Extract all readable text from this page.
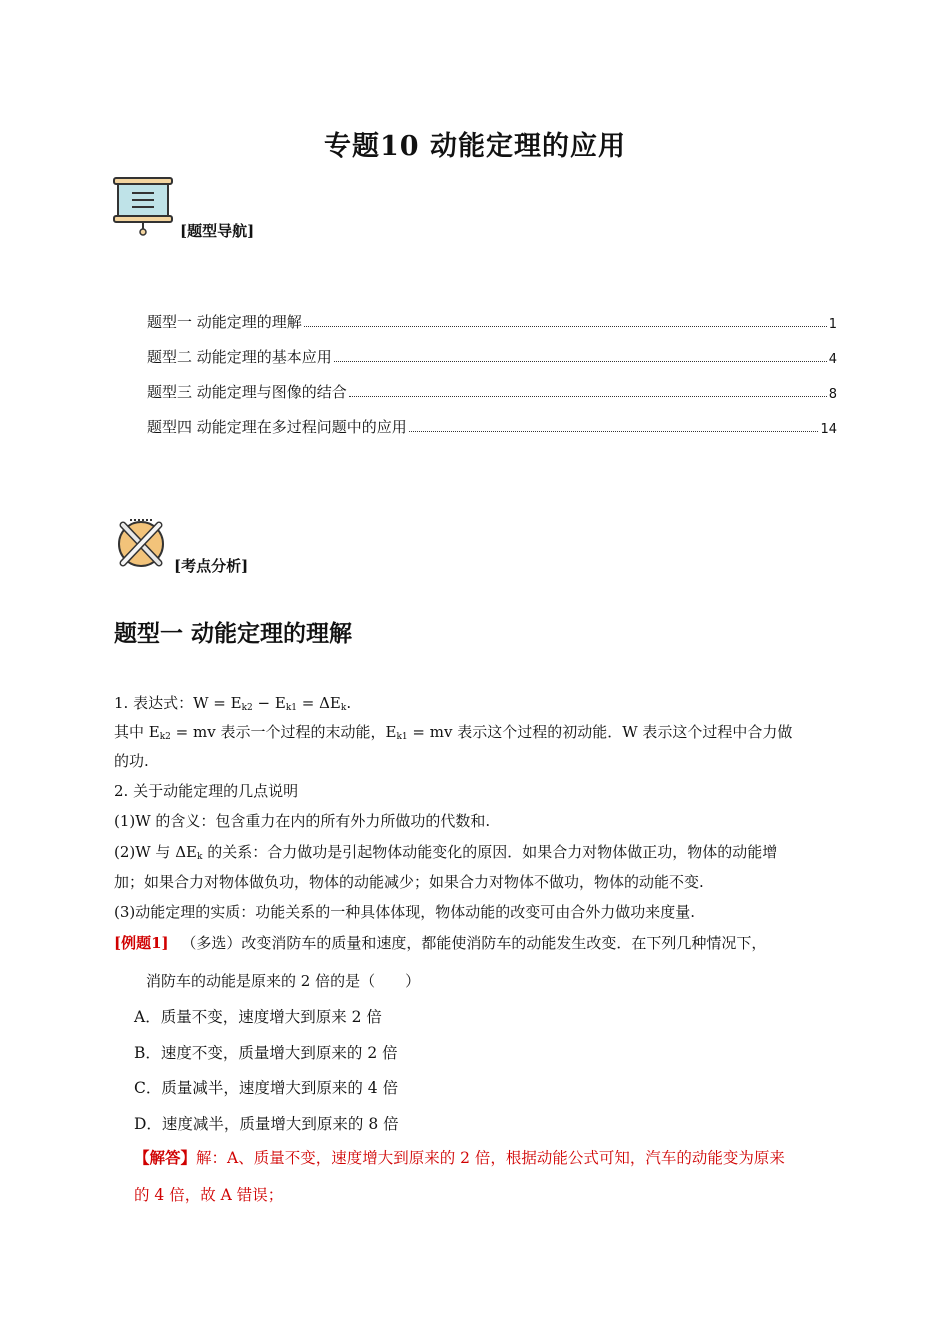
专题10 动能定理的应用
[题型导航]
题型一 动能定理的理解	1
题型二 动能定理的基本应用	4
题型三 动能定理与图像的结合	8
题型四 动能定理在多过程问题中的应用	14
[考点分析]
题型一 动能定理的理解
1. 表达式：$W = E_{k2} - E_{k1} = \Delta E_k$.
其中 $E_{k2}$ = mv 表示一个过程的末动能，$E_{k1}$ = mv 表示这个过程的初动能．W 表示这个过程中合力做
的功.
2. 关于动能定理的几点说明
(1)W 的含义：包含重力在内的所有外力所做功的代数和.
(2)W 与 $\Delta E_k$ 的关系：合力做功是引起物体动能变化的原因．如果合力对物体做正功，物体的动能增
加；如果合力对物体做负功，物体的动能减少；如果合力对物体不做功，物体的动能不变.
(3)动能定理的实质：功能关系的一种具体体现，物体动能的改变可由合外力做功来度量.
[例题1] （多选）改变消防车的质量和速度，都能使消防车的动能发生改变．在下列几种情况下，
消防车的动能是原来的 2 倍的是（　　）
A．质量不变，速度增大到原来 2 倍
B．速度不变，质量增大到原来的 2 倍
C．质量减半，速度增大到原来的 4 倍
D．速度减半，质量增大到原来的 8 倍
【解答】解：A、质量不变，速度增大到原来的 2 倍，根据动能公式可知，汽车的动能变为原来
的 4 倍，故 A 错误；
